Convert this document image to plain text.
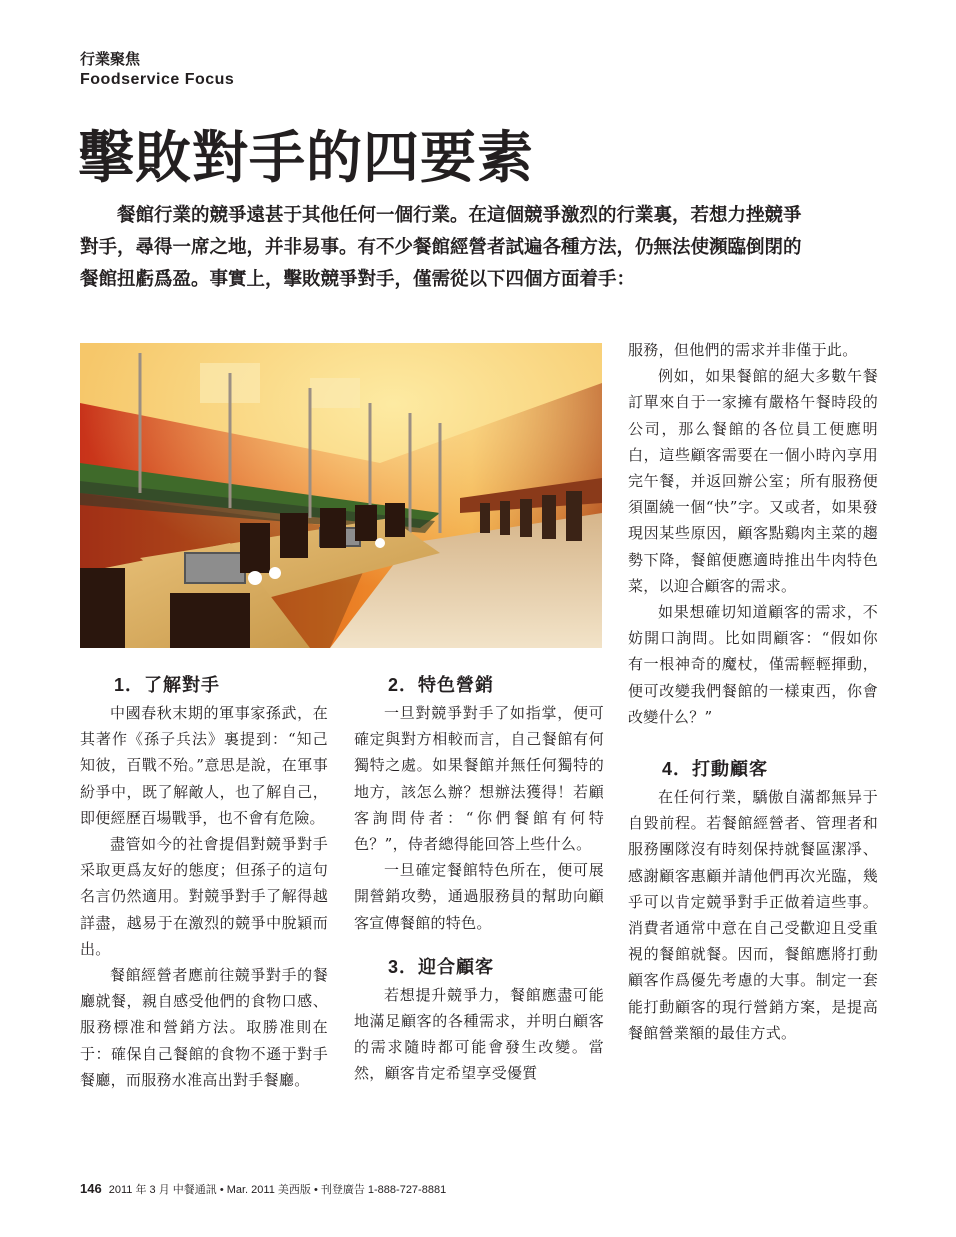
行業聚焦
Foodservice Focus
擊敗對手的四要素

餐館行業的競爭遠甚于其他任何一個行業。在這個競爭激烈的行業裏，若想力挫競爭對手，尋得一席之地，并非易事。有不少餐館經營者試遍各種方法，仍無法使瀕臨倒閉的餐館扭虧爲盈。事實上，擊敗競爭對手，僅需從以下四個方面着手：

1．了解對手

中國春秋末期的軍事家孫武，在其著作《孫子兵法》裏提到：“知己知彼，百戰不殆。”意思是說，在軍事紛爭中，既了解敵人，也了解自己，即便經歷百場戰爭，也不會有危險。

盡管如今的社會提倡對競爭對手采取更爲友好的態度；但孫子的這句名言仍然適用。對競爭對手了解得越詳盡，越易于在激烈的競爭中脫穎而出。

餐館經營者應前往競爭對手的餐廳就餐，親自感受他們的食物口感、服務標准和營銷方法。取勝准則在于：確保自己餐館的食物不遜于對手餐廳，而服務水准高出對手餐廳。

2．特色營銷

一旦對競爭對手了如指掌，便可確定與對方相較而言，自己餐館有何獨特之處。如果餐館并無任何獨特的地方，該怎么辦？想辦法獲得！若顧客詢問侍者：“你們餐館有何特色？”，侍者總得能回答上些什么。

一旦確定餐館特色所在，便可展開營銷攻勢，通過服務員的幫助向顧客宣傳餐館的特色。

3．迎合顧客

若想提升競爭力，餐館應盡可能地滿足顧客的各種需求，并明白顧客的需求隨時都可能會發生改變。當然，顧客肯定希望享受優質

服務，但他們的需求并非僅于此。

例如，如果餐館的絕大多數午餐訂單來自于一家擁有嚴格午餐時段的公司，那么餐館的各位員工便應明白，這些顧客需要在一個小時內享用完午餐，并返回辦公室；所有服務便須圍繞一個“快”字。又或者，如果發現因某些原因，顧客點鷄肉主菜的趨勢下降，餐館便應適時推出牛肉特色菜，以迎合顧客的需求。

如果想確切知道顧客的需求，不妨開口詢問。比如問顧客：“假如你有一根神奇的魔杖，僅需輕輕揮動，便可改變我們餐館的一樣東西，你會改變什么？”

4．打動顧客

在任何行業，驕傲自滿都無异于自毀前程。若餐館經營者、管理者和服務團隊沒有時刻保持就餐區潔凈、感謝顧客惠顧并請他們再次光臨，幾乎可以肯定競爭對手正做着這些事。消費者通常中意在自己受歡迎且受重視的餐館就餐。因而，餐館應將打動顧客作爲優先考慮的大事。制定一套能打動顧客的現行營銷方案，是提高餐館營業額的最佳方式。

146 2011 年 3 月 中餐通訊 • Mar. 2011 美西版 • 刊登廣告 1-888-727-8881
